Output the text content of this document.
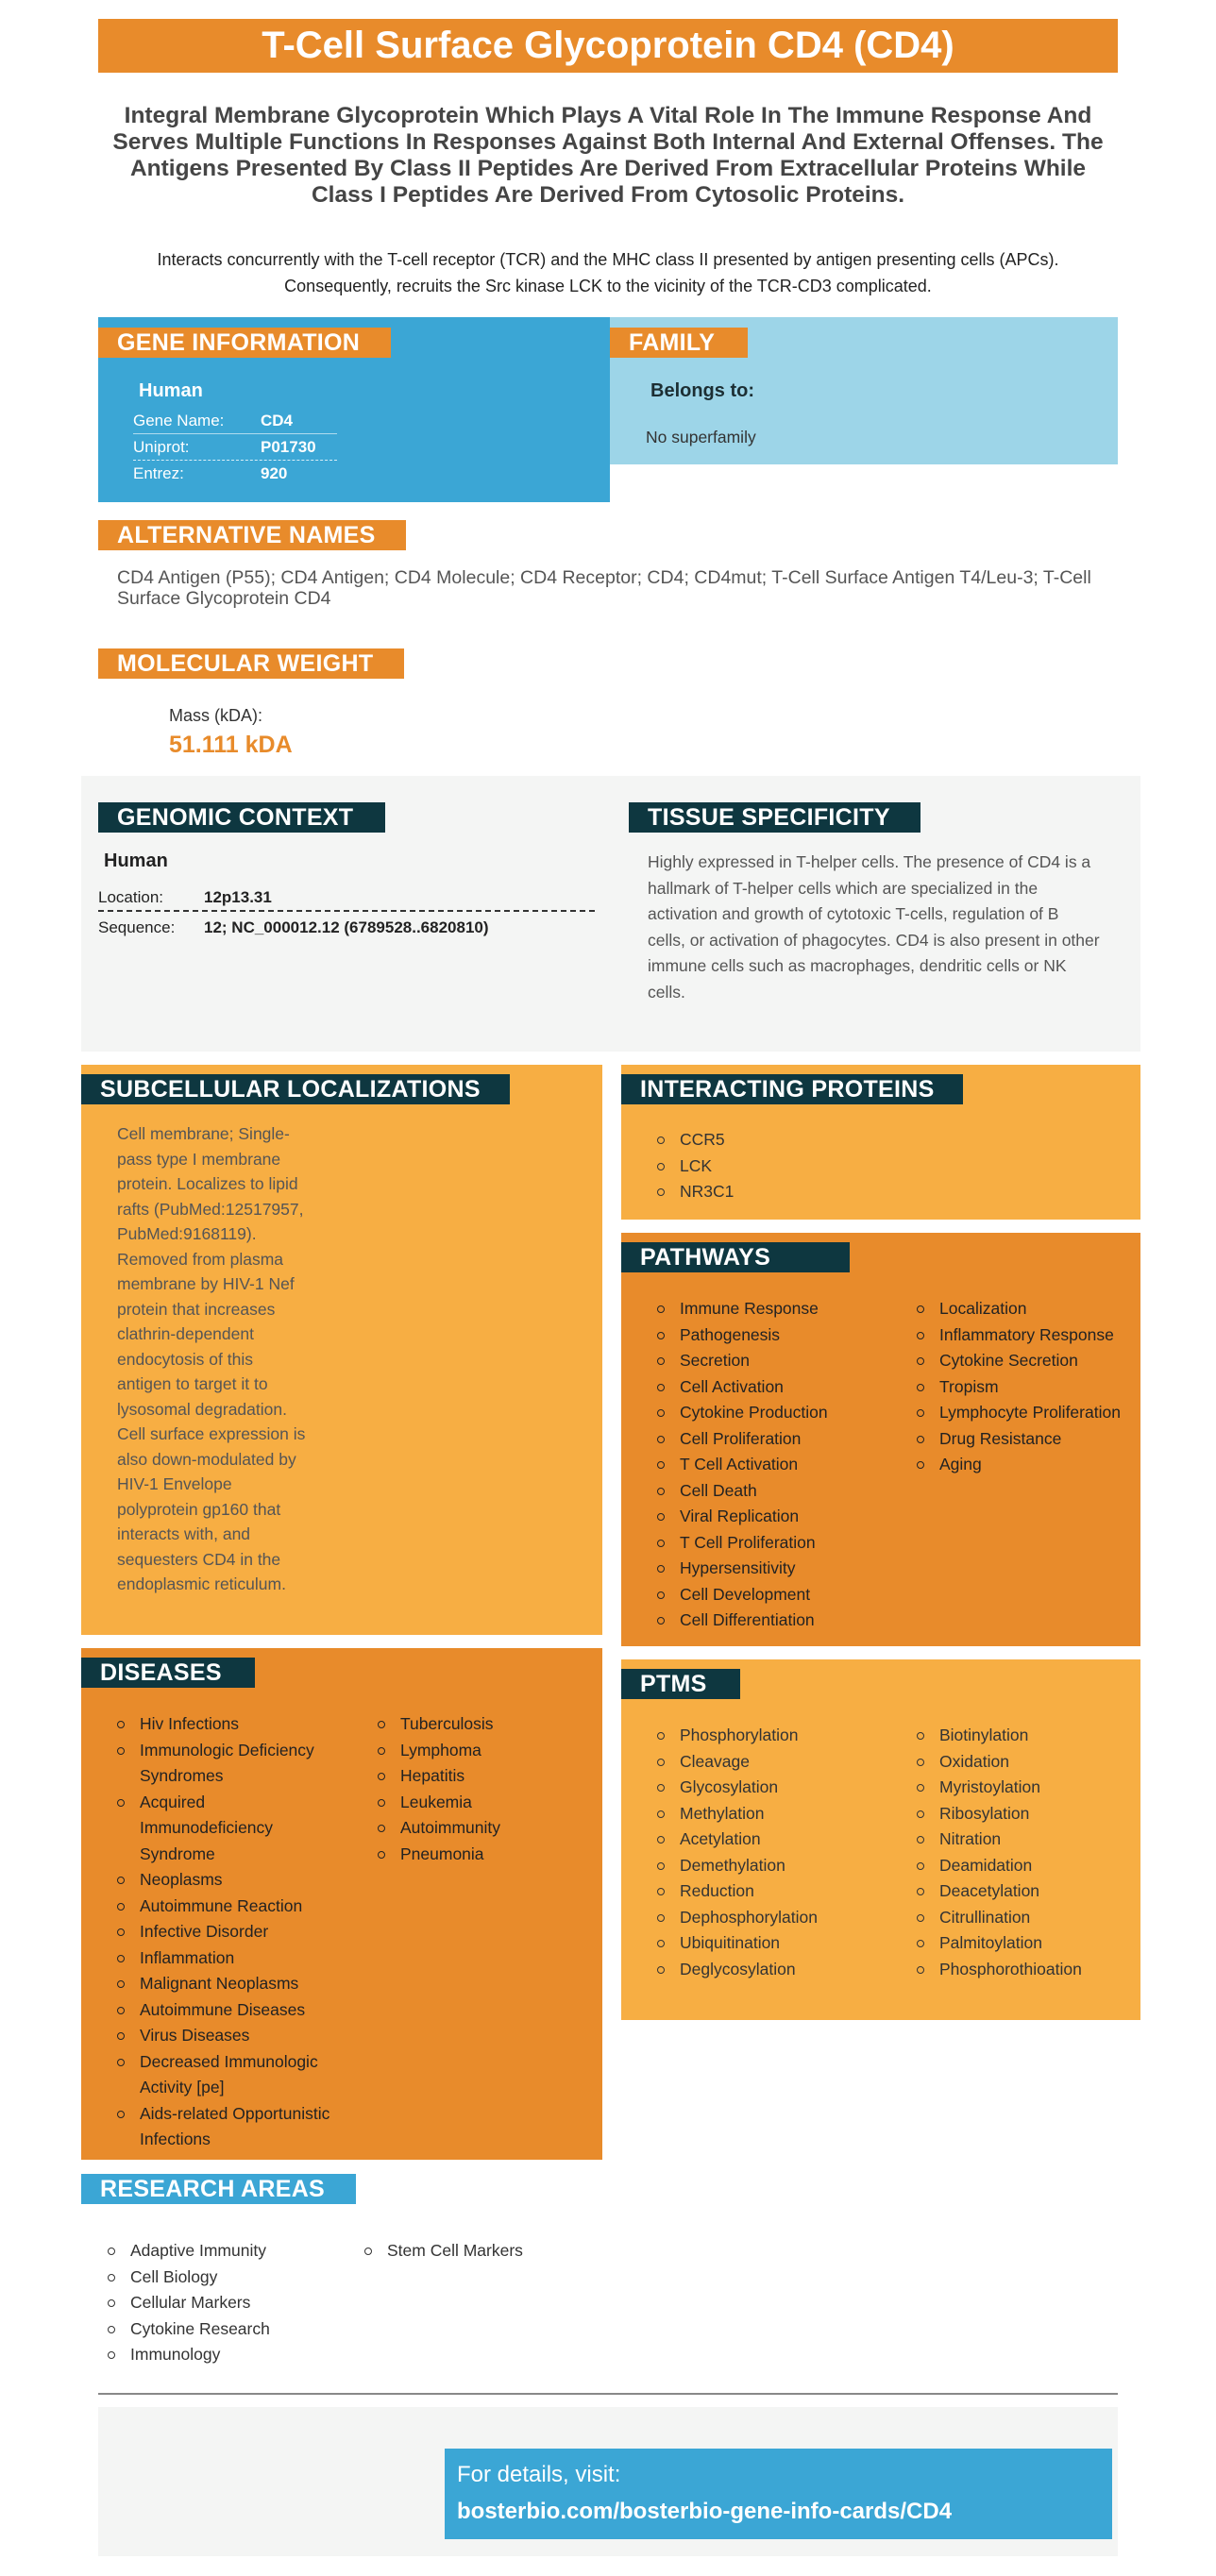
T-Cell Surface Glycoprotein CD4 (CD4)

Integral Membrane Glycoprotein Which Plays A Vital Role In The Immune Response And Serves Multiple Functions In Responses Against Both Internal And External Offenses. The Antigens Presented By Class II Peptides Are Derived From Extracellular Proteins While Class I Peptides Are Derived From Cytosolic Proteins.

Interacts concurrently with the T-cell receptor (TCR) and the MHC class II presented by antigen presenting cells (APCs). Consequently, recruits the Src kinase LCK to the vicinity of the TCR-CD3 complicated.

GENE INFORMATION
Human
Gene Name:	CD4
Uniprot:	P01730
Entrez:	920
FAMILY
Belongs to:
No superfamily
ALTERNATIVE NAMES

CD4 Antigen (P55); CD4 Antigen; CD4 Molecule; CD4 Receptor; CD4; CD4mut; T-Cell Surface Antigen T4/Leu-3; T-Cell Surface Glycoprotein CD4

MOLECULAR WEIGHT
Mass (kDA):
51.111 kDA
GENOMIC CONTEXT
Human
Location:	12p13.31
Sequence:	12; NC_000012.12 (6789528..6820810)
TISSUE SPECIFICITY

Highly expressed in T-helper cells. The presence of CD4 is a hallmark of T-helper cells which are specialized in the activation and growth of cytotoxic T-cells, regulation of B cells, or activation of phagocytes. CD4 is also present in other immune cells such as macrophages, dendritic cells or NK cells.

SUBCELLULAR LOCALIZATIONS

Cell membrane; Single-pass type I membrane protein. Localizes to lipid rafts (PubMed:12517957, PubMed:9168119). Removed from plasma membrane by HIV-1 Nef protein that increases clathrin-dependent endocytosis of this antigen to target it to lysosomal degradation. Cell surface expression is also down-modulated by HIV-1 Envelope polyprotein gp160 that interacts with, and sequesters CD4 in the endoplasmic reticulum.

INTERACTING PROTEINS
CCR5
LCK
NR3C1
PATHWAYS
Immune Response
Pathogenesis
Secretion
Cell Activation
Cytokine Production
Cell Proliferation
T Cell Activation
Cell Death
Viral Replication
T Cell Proliferation
Hypersensitivity
Cell Development
Cell Differentiation
Localization
Inflammatory Response
Cytokine Secretion
Tropism
Lymphocyte Proliferation
Drug Resistance
Aging
DISEASES
Hiv Infections
Immunologic Deficiency Syndromes
Acquired Immunodeficiency Syndrome
Neoplasms
Autoimmune Reaction
Infective Disorder
Inflammation
Malignant Neoplasms
Autoimmune Diseases
Virus Diseases
Decreased Immunologic Activity [pe]
Aids-related Opportunistic Infections
Tuberculosis
Lymphoma
Hepatitis
Leukemia
Autoimmunity
Pneumonia
PTMS
Phosphorylation
Cleavage
Glycosylation
Methylation
Acetylation
Demethylation
Reduction
Dephosphorylation
Ubiquitination
Deglycosylation
Biotinylation
Oxidation
Myristoylation
Ribosylation
Nitration
Deamidation
Deacetylation
Citrullination
Palmitoylation
Phosphorothioation
RESEARCH AREAS
Adaptive Immunity
Cell Biology
Cellular Markers
Cytokine Research
Immunology
Stem Cell Markers
For details, visit:
bosterbio.com/bosterbio-gene-info-cards/CD4
